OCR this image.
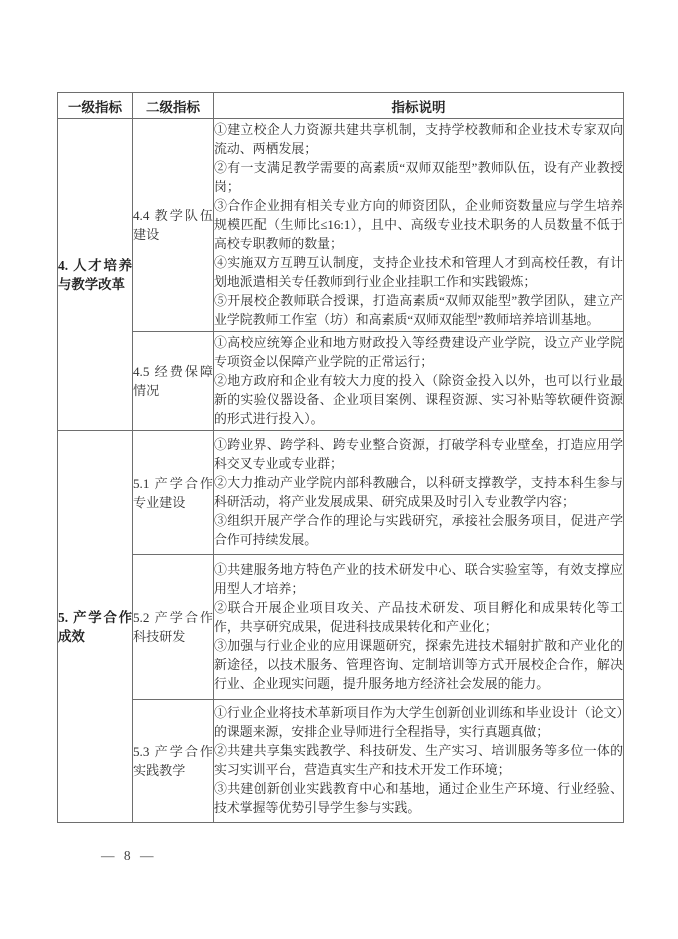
一级指标	二级指标	指标说明
4. 人才培养与教学改革	4.4 教学队伍建设	①建立校企人力资源共建共享机制，支持学校教师和企业技术专家双向流动、两栖发展；
②有一支满足教学需要的高素质“双师双能型”教师队伍，设有产业教授岗；
③合作企业拥有相关专业方向的师资团队，企业师资数量应与学生培养规模匹配（生师比≤16:1），且中、高级专业技术职务的人员数量不低于高校专职教师的数量；
④实施双方互聘互认制度，支持企业技术和管理人才到高校任教，有计划地派遣相关专任教师到行业企业挂职工作和实践锻炼；
⑤开展校企教师联合授课，打造高素质“双师双能型”教学团队，建立产业学院教师工作室（坊）和高素质“双师双能型”教师培养培训基地。

	4.5 经费保障情况	①高校应统筹企业和地方财政投入等经费建设产业学院，设立产业学院专项资金以保障产业学院的正常运行；
②地方政府和企业有较大力度的投入（除资金投入以外，也可以行业最新的实验仪器设备、企业项目案例、课程资源、实习补贴等软硬件资源的形式进行投入）。

5. 产学合作成效	5.1 产学合作专业建设	①跨业界、跨学科、跨专业整合资源，打破学科专业壁垒，打造应用学科交叉专业或专业群；
②大力推动产业学院内部科教融合，以科研支撑教学，支持本科生参与科研活动，将产业发展成果、研究成果及时引入专业教学内容；
③组织开展产学合作的理论与实践研究，承接社会服务项目，促进产学合作可持续发展。

	5.2 产学合作科技研发	①共建服务地方特色产业的技术研发中心、联合实验室等，有效支撑应用型人才培养；
②联合开展企业项目攻关、产品技术研发、项目孵化和成果转化等工作，共享研究成果，促进科技成果转化和产业化；
③加强与行业企业的应用课题研究，探索先进技术辐射扩散和产业化的新途径，以技术服务、管理咨询、定制培训等方式开展校企合作，解决行业、企业现实问题，提升服务地方经济社会发展的能力。

	5.3 产学合作实践教学	①行业企业将技术革新项目作为大学生创新创业训练和毕业设计（论文）的课题来源，安排企业导师进行全程指导，实行真题真做；
②共建共享集实践教学、科技研发、生产实习、培训服务等多位一体的实习实训平台，营造真实生产和技术开发工作环境；
③共建创新创业实践教育中心和基地，通过企业生产环境、行业经验、技术掌握等优势引导学生参与实践。
— 8 —
